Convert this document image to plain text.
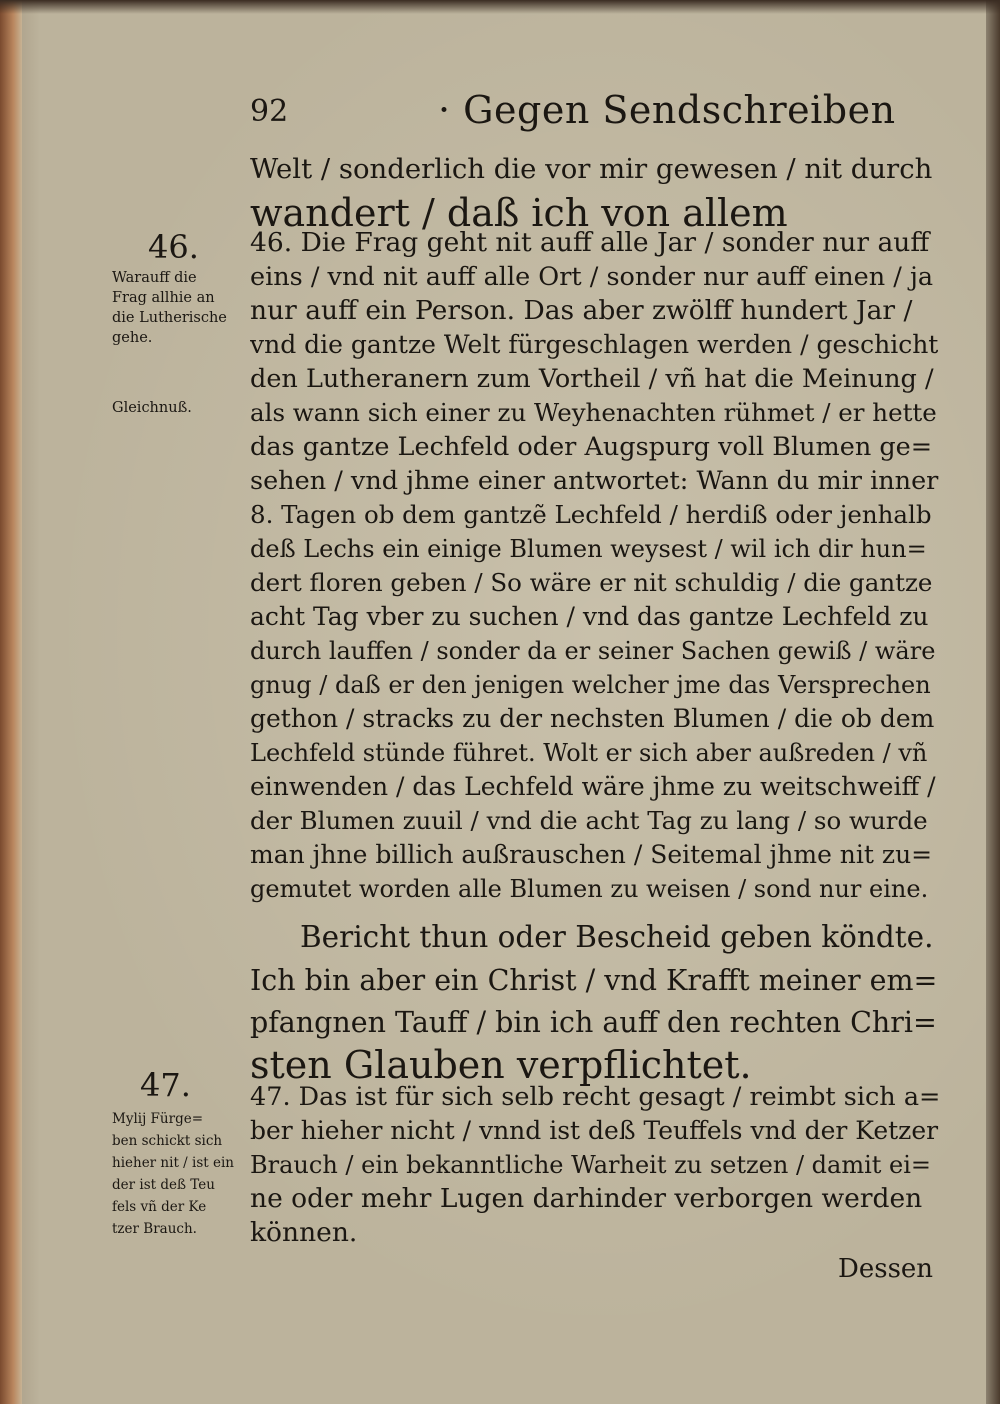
92	· Gegen Sendschreiben
Welt / sonderlich die vor mir gewesen / nit durch
wandert / daß ich von allem
46.
Warauff die
Frag allhie an
die Lutherische
gehe.
Gleichnuß.
46. Die Frag geht nit auff alle Jar / sonder nur auff
eins / vnd nit auff alle Ort / sonder nur auff einen / ja
nur auff ein Person. Das aber zwölff hundert Jar /
vnd die gantze Welt fürgeschlagen werden / geschicht
den Lutheranern zum Vortheil / vñ hat die Meinung /
als wann sich einer zu Weyhenachten rühmet / er hette
das gantze Lechfeld oder Augspurg voll Blumen ge=
sehen / vnd jhme einer antwortet: Wann du mir inner
8. Tagen ob dem gantzẽ Lechfeld / herdiß oder jenhalb
deß Lechs ein einige Blumen weysest / wil ich dir hun=
dert floren geben / So wäre er nit schuldig / die gantze
acht Tag vber zu suchen / vnd das gantze Lechfeld zu
durch lauffen / sonder da er seiner Sachen gewiß / wäre
gnug / daß er den jenigen welcher jme das Versprechen
gethon / stracks zu der nechsten Blumen / die ob dem
Lechfeld stünde führet. Wolt er sich aber außreden / vñ
einwenden / das Lechfeld wäre jhme zu weitschweiff /
der Blumen zuuil / vnd die acht Tag zu lang / so wurde
man jhne billich außrauschen / Seitemal jhme nit zu=
gemutet worden alle Blumen zu weisen / sond nur eine.
Bericht thun oder Bescheid geben köndte.
Ich bin aber ein Christ / vnd Krafft meiner em=
pfangnen Tauff / bin ich auff den rechten Chri=
sten Glauben verpflichtet.
47.
Mylij Fürge=
ben schickt sich
hieher nit / ist ein
der ist deß Teu
fels vñ der Ke
tzer Brauch.
47. Das ist für sich selb recht gesagt / reimbt sich a=
ber hieher nicht / vnnd ist deß Teuffels vnd der Ketzer
Brauch / ein bekanntliche Warheit zu setzen / damit ei=
ne oder mehr Lugen darhinder verborgen werden
können.
Dessen
